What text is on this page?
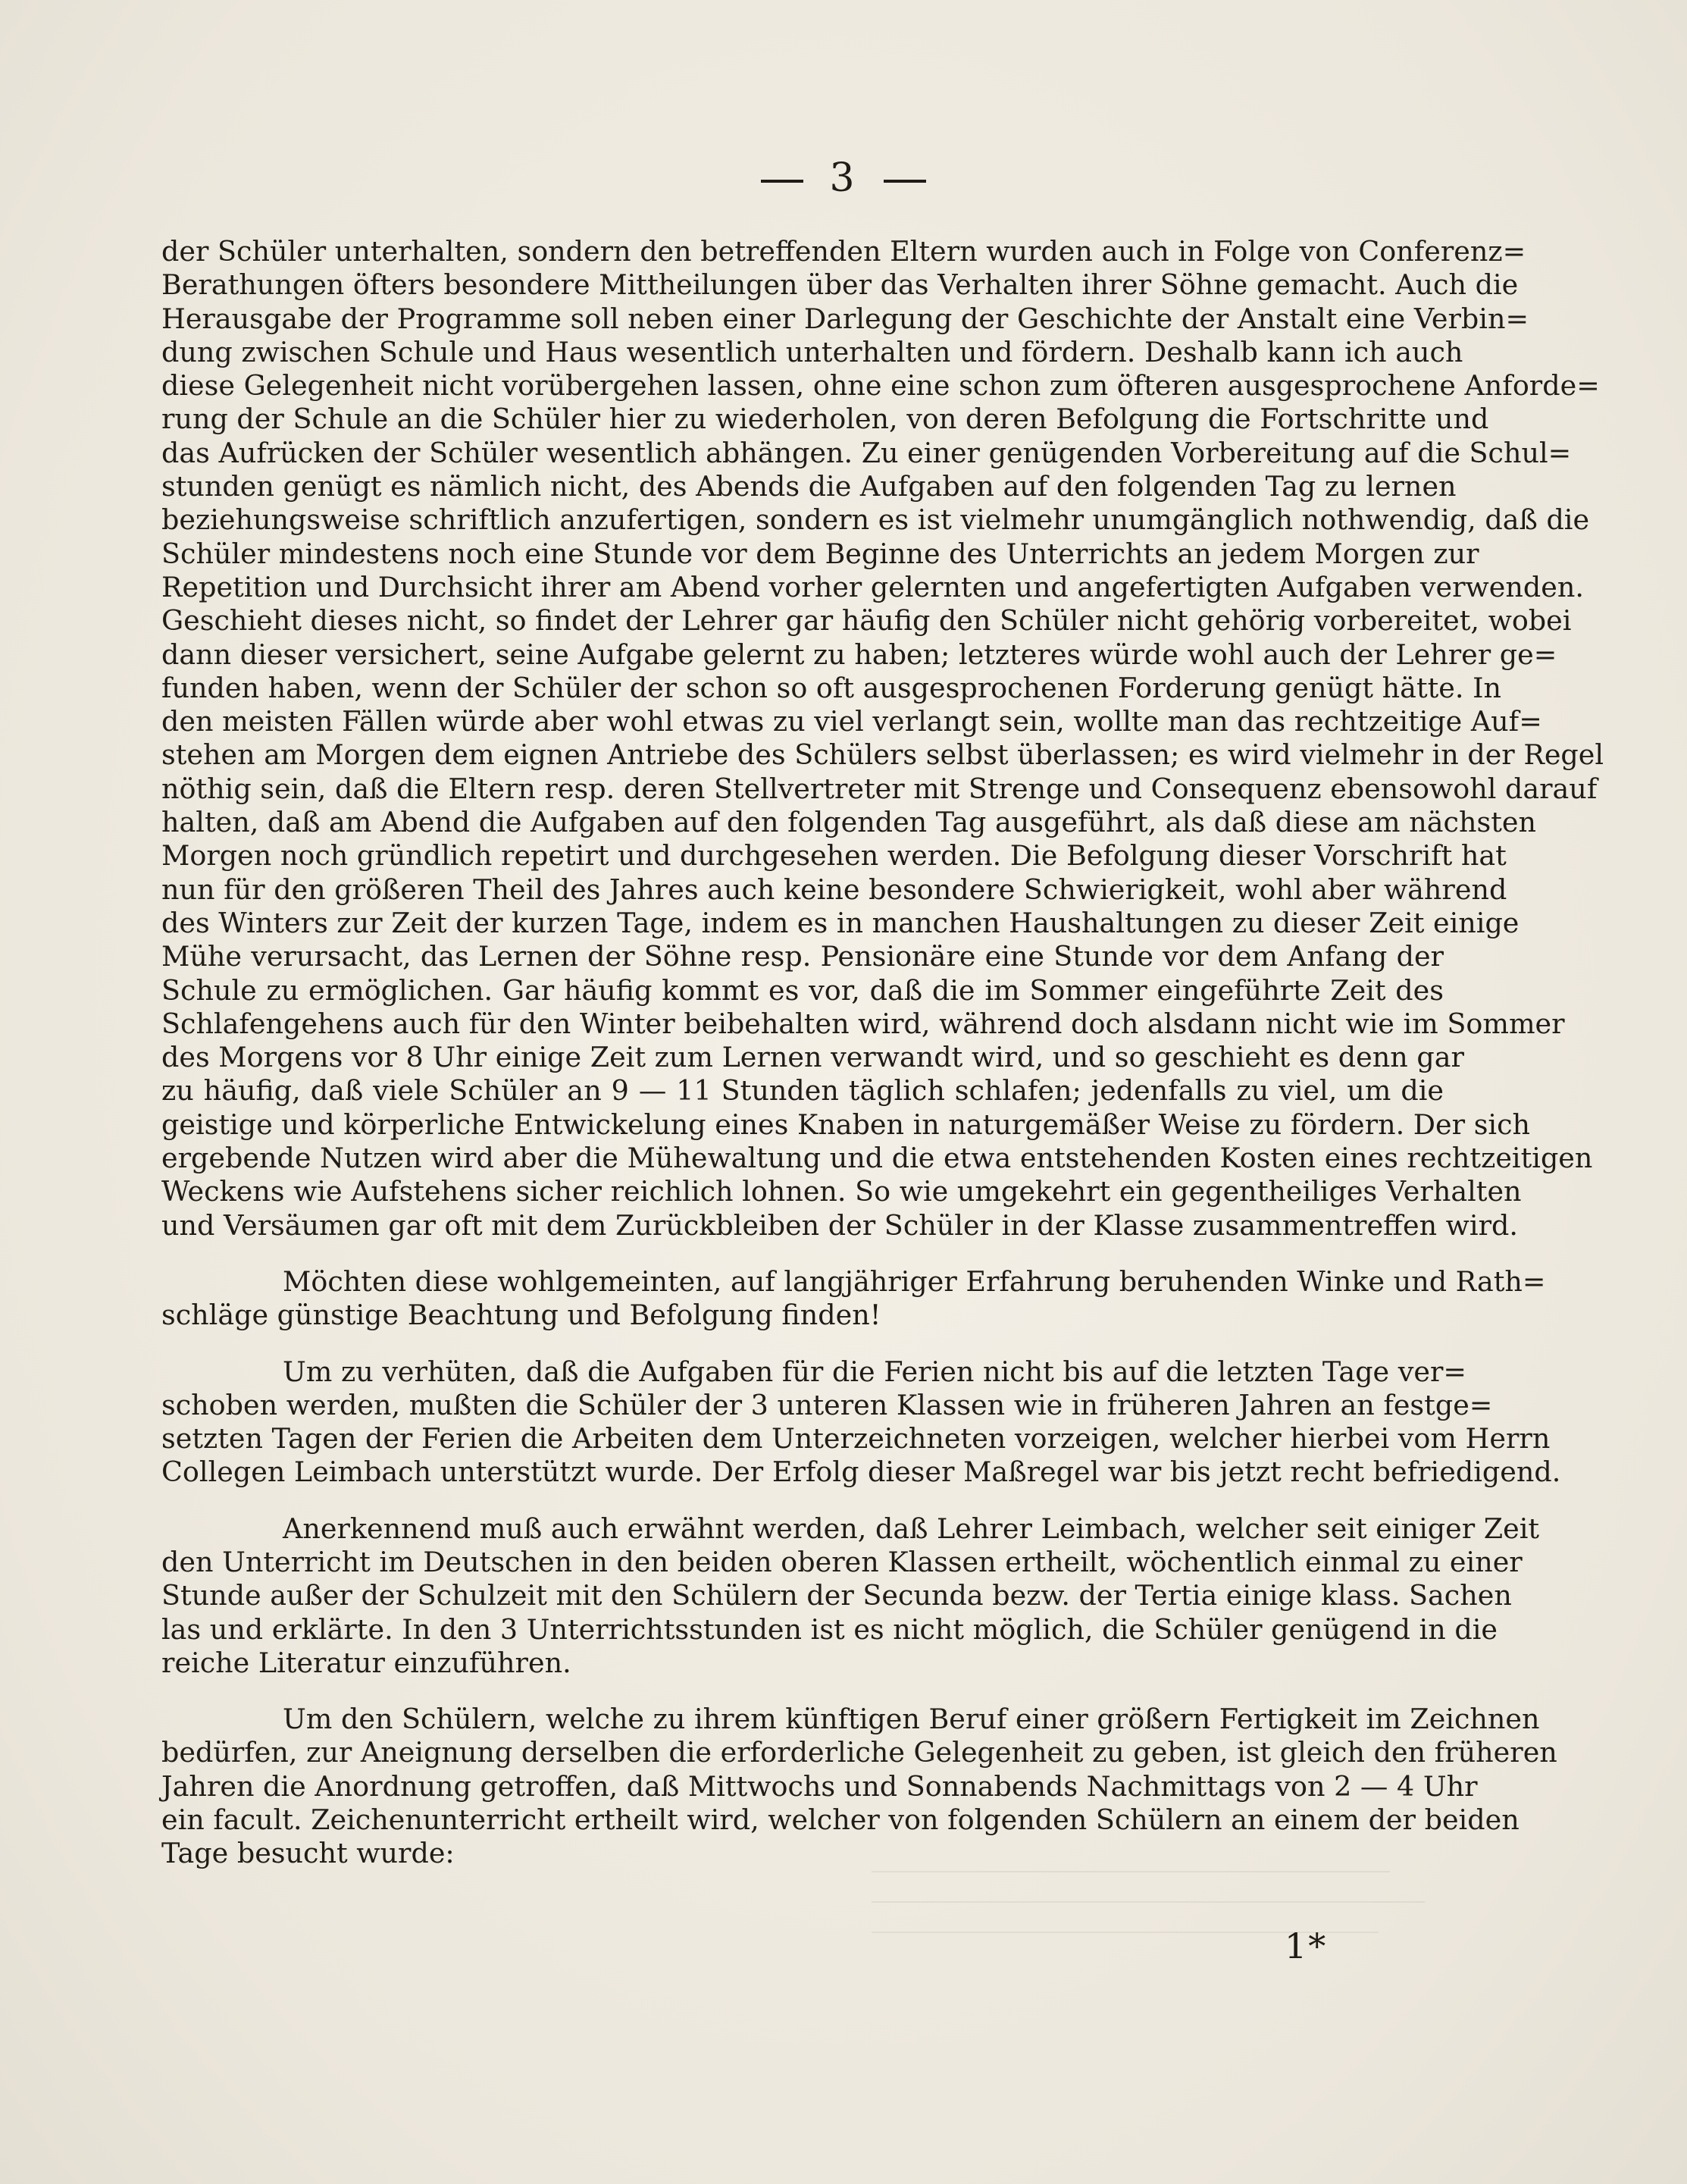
3

der Schüler unterhalten, sondern den betreffenden Eltern wurden auch in Folge von Conferenz=
Berathungen öfters besondere Mittheilungen über das Verhalten ihrer Söhne gemacht. Auch die
Herausgabe der Programme soll neben einer Darlegung der Geschichte der Anstalt eine Verbin=
dung zwischen Schule und Haus wesentlich unterhalten und fördern. Deshalb kann ich auch
diese Gelegenheit nicht vorübergehen lassen, ohne eine schon zum öfteren ausgesprochene Anforde=
rung der Schule an die Schüler hier zu wiederholen, von deren Befolgung die Fortschritte und
das Aufrücken der Schüler wesentlich abhängen. Zu einer genügenden Vorbereitung auf die Schul=
stunden genügt es nämlich nicht, des Abends die Aufgaben auf den folgenden Tag zu lernen
beziehungsweise schriftlich anzufertigen, sondern es ist vielmehr unumgänglich nothwendig, daß die
Schüler mindestens noch eine Stunde vor dem Beginne des Unterrichts an jedem Morgen zur
Repetition und Durchsicht ihrer am Abend vorher gelernten und angefertigten Aufgaben verwenden.
Geschieht dieses nicht, so findet der Lehrer gar häufig den Schüler nicht gehörig vorbereitet, wobei
dann dieser versichert, seine Aufgabe gelernt zu haben; letzteres würde wohl auch der Lehrer ge=
funden haben, wenn der Schüler der schon so oft ausgesprochenen Forderung genügt hätte. In
den meisten Fällen würde aber wohl etwas zu viel verlangt sein, wollte man das rechtzeitige Auf=
stehen am Morgen dem eignen Antriebe des Schülers selbst überlassen; es wird vielmehr in der Regel
nöthig sein, daß die Eltern resp. deren Stellvertreter mit Strenge und Consequenz ebensowohl darauf
halten, daß am Abend die Aufgaben auf den folgenden Tag ausgeführt, als daß diese am nächsten
Morgen noch gründlich repetirt und durchgesehen werden. Die Befolgung dieser Vorschrift hat
nun für den größeren Theil des Jahres auch keine besondere Schwierigkeit, wohl aber während
des Winters zur Zeit der kurzen Tage, indem es in manchen Haushaltungen zu dieser Zeit einige
Mühe verursacht, das Lernen der Söhne resp. Pensionäre eine Stunde vor dem Anfang der
Schule zu ermöglichen. Gar häufig kommt es vor, daß die im Sommer eingeführte Zeit des
Schlafengehens auch für den Winter beibehalten wird, während doch alsdann nicht wie im Sommer
des Morgens vor 8 Uhr einige Zeit zum Lernen verwandt wird, und so geschieht es denn gar
zu häufig, daß viele Schüler an 9 — 11 Stunden täglich schlafen; jedenfalls zu viel, um die
geistige und körperliche Entwickelung eines Knaben in naturgemäßer Weise zu fördern. Der sich
ergebende Nutzen wird aber die Mühewaltung und die etwa entstehenden Kosten eines rechtzeitigen
Weckens wie Aufstehens sicher reichlich lohnen. So wie umgekehrt ein gegentheiliges Verhalten
und Versäumen gar oft mit dem Zurückbleiben der Schüler in der Klasse zusammentreffen wird.

Möchten diese wohlgemeinten, auf langjähriger Erfahrung beruhenden Winke und Rath=
schläge günstige Beachtung und Befolgung finden!

Um zu verhüten, daß die Aufgaben für die Ferien nicht bis auf die letzten Tage ver=
schoben werden, mußten die Schüler der 3 unteren Klassen wie in früheren Jahren an festge=
setzten Tagen der Ferien die Arbeiten dem Unterzeichneten vorzeigen, welcher hierbei vom Herrn
Collegen Leimbach unterstützt wurde. Der Erfolg dieser Maßregel war bis jetzt recht befriedigend.

Anerkennend muß auch erwähnt werden, daß Lehrer Leimbach, welcher seit einiger Zeit
den Unterricht im Deutschen in den beiden oberen Klassen ertheilt, wöchentlich einmal zu einer
Stunde außer der Schulzeit mit den Schülern der Secunda bezw. der Tertia einige klass. Sachen
las und erklärte. In den 3 Unterrichtsstunden ist es nicht möglich, die Schüler genügend in die
reiche Literatur einzuführen.

Um den Schülern, welche zu ihrem künftigen Beruf einer größern Fertigkeit im Zeichnen
bedürfen, zur Aneignung derselben die erforderliche Gelegenheit zu geben, ist gleich den früheren
Jahren die Anordnung getroffen, daß Mittwochs und Sonnabends Nachmittags von 2 — 4 Uhr
ein facult. Zeichenunterricht ertheilt wird, welcher von folgenden Schülern an einem der beiden
Tage besucht wurde:

1*
